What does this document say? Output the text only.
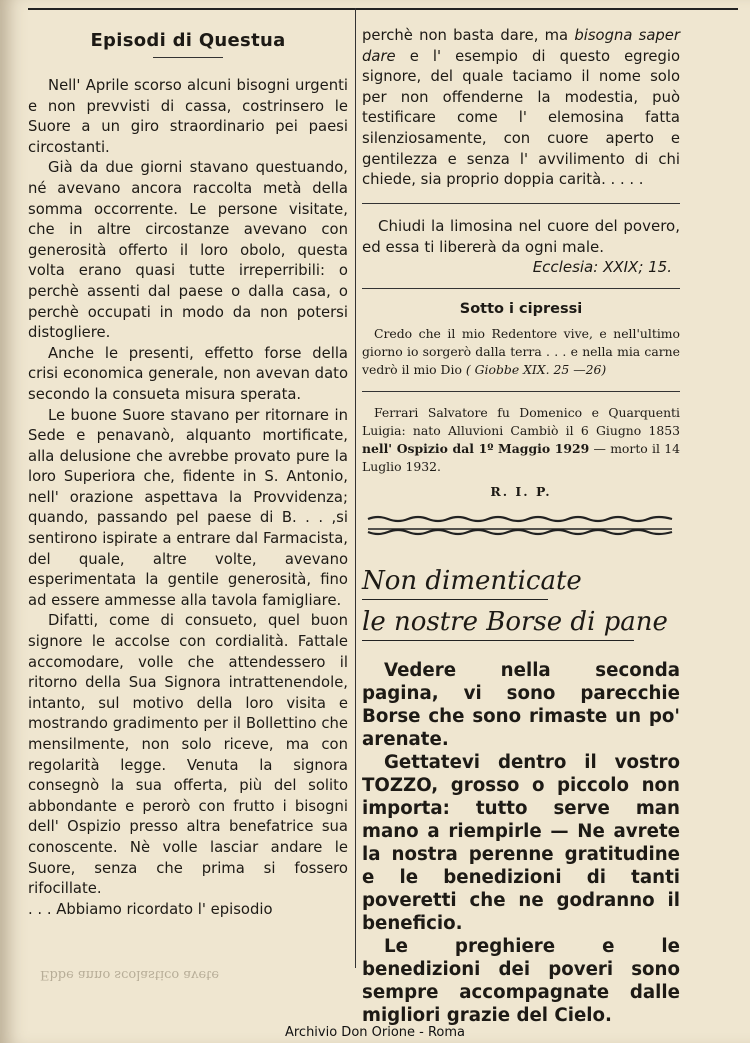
Episodi di Questua

Nell' Aprile scorso alcuni bisogni urgenti e non prevvisti di cassa, costrinsero le Suore a un giro straordinario pei paesi circostanti.

Già da due giorni stavano questuando, né avevano ancora raccolta metà della somma occorrente. Le persone visitate, che in altre circostanze avevano con generosità offerto il loro obolo, questa volta erano quasi tutte irreperribili: o perchè assenti dal paese o dalla casa, o perchè occupati in modo da non potersi distogliere.

Anche le presenti, effetto forse della crisi economica generale, non avevan dato secondo la consueta misura sperata.

Le buone Suore stavano per ritornare in Sede e penavanò, alquanto mortificate, alla delusione che avrebbe provato pure la loro Superiora che, fidente in S. Antonio, nell' orazione aspettava la Provvidenza; quando, passando pel paese di B. . . ,si sentirono ispirate a entrare dal Farmacista, del quale, altre volte, avevano esperimentata la gentile generosità, fino ad essere ammesse alla tavola famigliare.

Difatti, come di consueto, quel buon signore le accolse con cordialità. Fattale accomodare, volle che attendessero il ritorno della Sua Signora intrattenendole, intanto, sul motivo della loro visita e mostrando gradimento per il Bollettino che mensilmente, non solo riceve, ma con regolarità legge. Venuta la signora consegnò la sua offerta, più del solito abbondante e perorò con frutto i bisogni dell' Ospizio presso altra benefatrice sua conoscente. Nè volle lasciar andare le Suore, senza che prima si fossero rifocillate.

. . . Abbiamo ricordato l' episodio

Ebbe anno scolastico avete

perchè non basta dare, ma bisogna saper dare e l' esempio di questo egregio signore, del quale taciamo il nome solo per non offenderne la modestia, può testificare come l' elemosina fatta silenziosamente, con cuore aperto e gentilezza e senza l' avvilimento di chi chiede, sia proprio doppia carità. . . . .

Chiudi la limosina nel cuore del povero, ed essa ti libererà da ogni male.

Ecclesia: XXIX; 15.
Sotto i cipressi

Credo che il mio Redentore vive, e nell'ultimo giorno io sorgerò dalla terra . . . e nella mia carne vedrò il mio Dio ( Giobbe XIX. 25 —26)

Ferrari Salvatore fu Domenico e Quarquenti Luigia: nato Alluvioni Cambiò il 6 Giugno 1853 nell' Ospizio dal 1º Maggio 1929 — morto il 14 Luglio 1932.

R. I. P.
Non dimenticate
le nostre Borse di pane

Vedere nella seconda pagina, vi sono parecchie Borse che sono rimaste un po' arenate.

Gettatevi dentro il vostro TOZZO, grosso o piccolo non importa: tutto serve man mano a riempirle — Ne avrete la nostra perenne gratitudine e le benedizioni di tanti poveretti che ne godranno il beneficio.

Le preghiere e le benedizioni dei poveri sono sempre accompagnate dalle migliori grazie del Cielo.

Archivio Don Orione - Roma
